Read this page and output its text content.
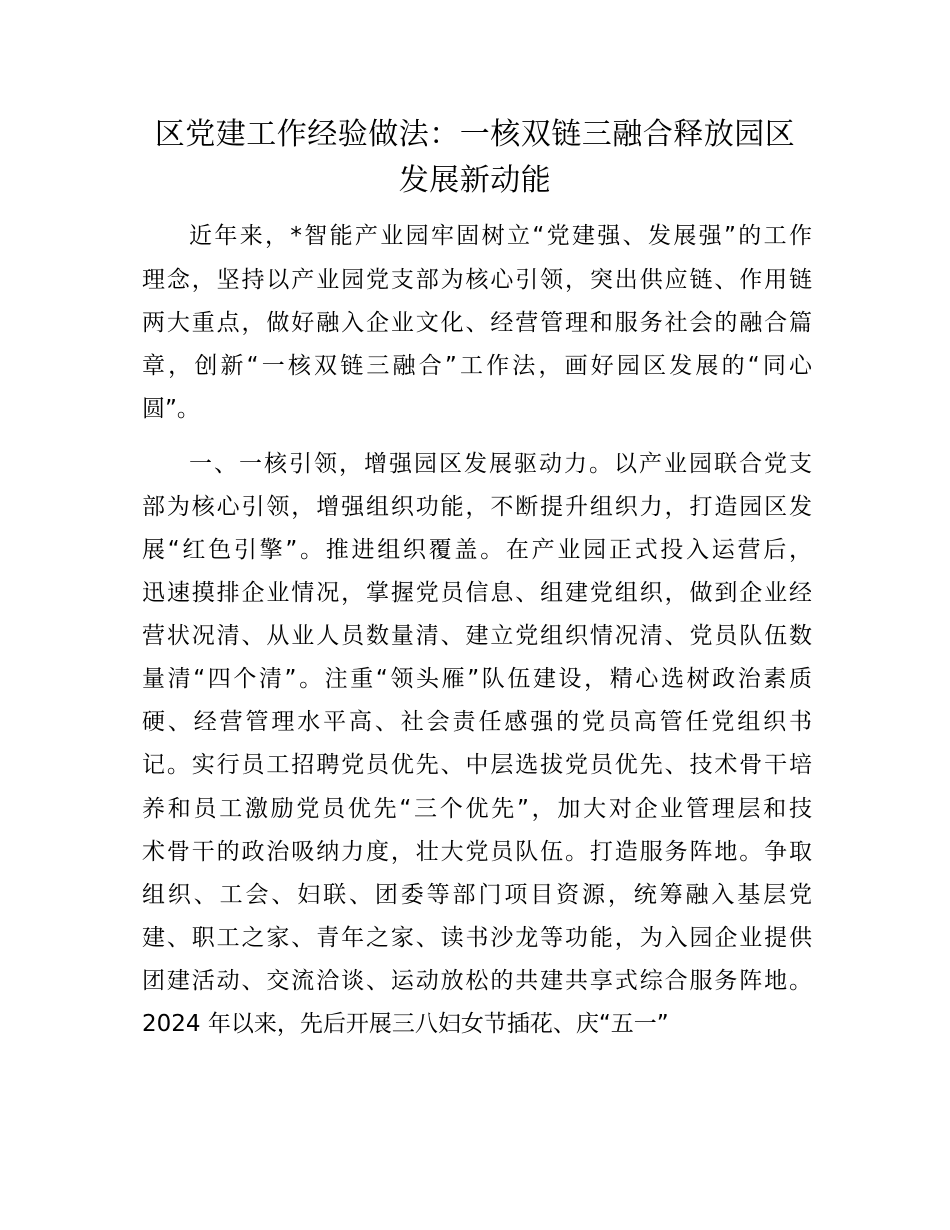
区党建工作经验做法：一核双链三融合释放园区发展新动能

近年来，*智能产业园牢固树立“党建强、发展强”的工作

理念，坚持以产业园党支部为核心引领，突出供应链、作用链

两大重点，做好融入企业文化、经营管理和服务社会的融合篇

章，创新“一核双链三融合”工作法，画好园区发展的“同心

圆”。

一、一核引领，增强园区发展驱动力。以产业园联合党支

部为核心引领，增强组织功能，不断提升组织力，打造园区发

展“红色引擎”。推进组织覆盖。在产业园正式投入运营后，

迅速摸排企业情况，掌握党员信息、组建党组织，做到企业经

营状况清、从业人员数量清、建立党组织情况清、党员队伍数

量清“四个清”。注重“领头雁”队伍建设，精心选树政治素质

硬、经营管理水平高、社会责任感强的党员高管任党组织书

记。实行员工招聘党员优先、中层选拔党员优先、技术骨干培

养和员工激励党员优先“三个优先”，加大对企业管理层和技

术骨干的政治吸纳力度，壮大党员队伍。打造服务阵地。争取

组织、工会、妇联、团委等部门项目资源，统筹融入基层党

建、职工之家、青年之家、读书沙龙等功能，为入园企业提供

团建活动、交流洽谈、运动放松的共建共享式综合服务阵地。

2024 年以来，先后开展三八妇女节插花、庆“五一”
